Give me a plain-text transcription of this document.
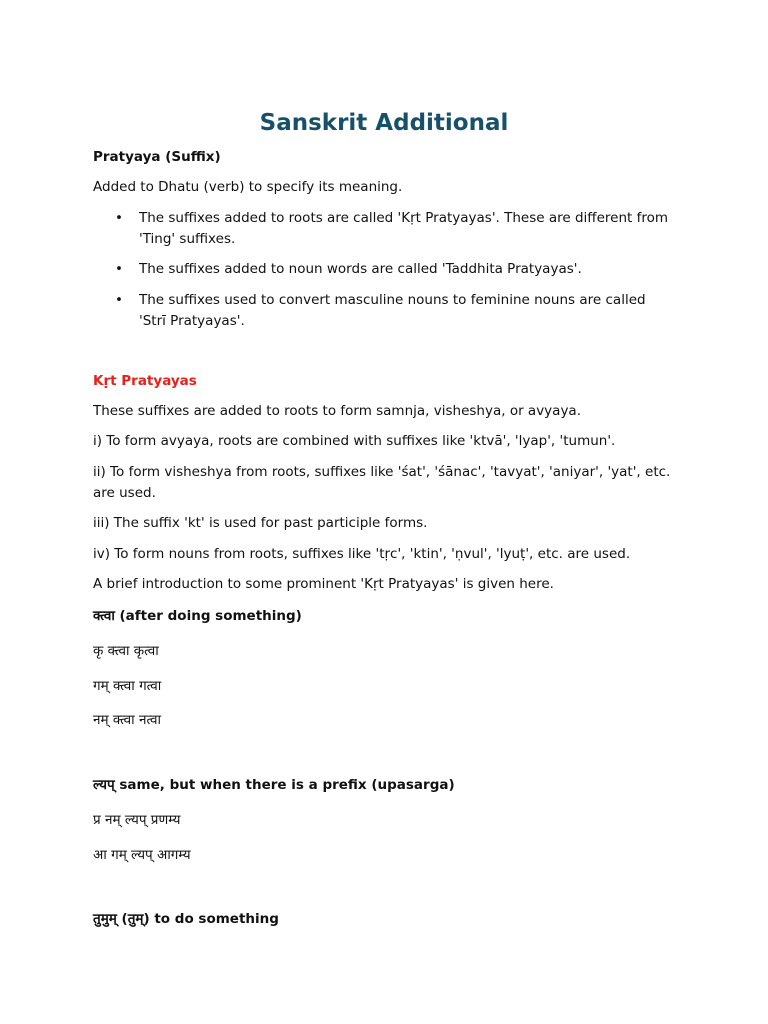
Sanskrit Additional

Pratyaya (Suffix)

Added to Dhatu (verb) to specify its meaning.

• The suffixes added to roots are called 'Kṛt Pratyayas'. These are different from 'Ting' suffixes.
• The suffixes added to noun words are called 'Taddhita Pratyayas'.
• The suffixes used to convert masculine nouns to feminine nouns are called 'Strī Pratyayas'.

Kṛt Pratyayas

These suffixes are added to roots to form samnja, visheshya, or avyaya.

i) To form avyaya, roots are combined with suffixes like 'ktvā', 'lyap', 'tumun'.

ii) To form visheshya from roots, suffixes like 'śat', 'śānac', 'tavyat', 'aniyar', 'yat', etc. are used.

iii) The suffix 'kt' is used for past participle forms.

iv) To form nouns from roots, suffixes like 'tṛc', 'ktin', 'ṇvul', 'lyuṭ', etc. are used.

A brief introduction to some prominent 'Kṛt Pratyayas' is given here.

क्त्वा (after doing something)

कृ क्त्वा कृत्वा

गम् क्त्वा गत्वा

नम् क्त्वा नत्वा

ल्यप् same, but when there is a prefix (upasarga)

प्र नम् ल्यप् प्रणम्य

आ गम् ल्यप् आगम्य

तुमुम् (तुम्) to do something
